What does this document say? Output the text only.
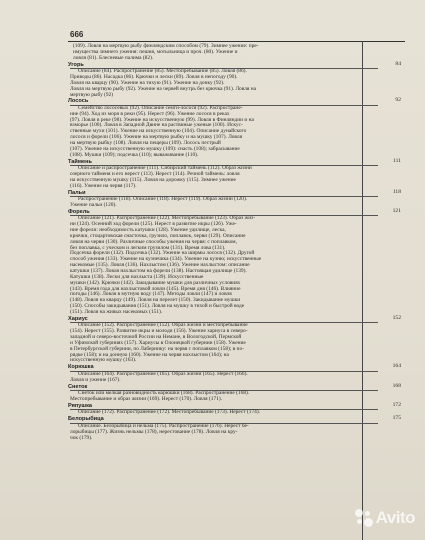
666
(109). Ловля на мертвую рыбу финляндским способом (79). Зимнее ужение: пре-
имущества зимнего ужения: пешня, мотыльница и проч. (80). Ужение и
ловля (81). Блесневые палима (82).
Угорь	84
Описание (84). Распространение (85). Местопребывание (85). Ловля (86).
Приводы (86). Насадка (86). Крючки и лески (89). Ловля в непогоду (90).
Ловля на кварцу (90). Ужение на тихую (91). Ужение на донку (92).
Ловля на мертвую рыбу (92). Ужение на червей внутрь без крючка (91). Ловля на
мертвую рыбу (92)
Лосось	92
Семейство лососевых (92). Описание семги-лосося (92). Распростране-
ние (94). Ход из моря в реки (95). Нерест (96). Ужение лосося в реках
(97). Ловля в реке (98). Ужение на искусственную (99). Ловля в Финляндии и на
взморье (100). Ловля в Западной Двине на раствиные уженые (100). Искус-
ственные мухи (101). Ужение на искусственную (104). Описание дунайского
лосося и форели (106). Ужение на мертвую рыбку и на мушку (107). Ловля
на мертвую рыбку (108). Ловля на пещеры (109). Лосось пестрый
(107). Ужение на искусственную мушку (109): снасть (108); забрасывание
(108). Мушки (109); подсечка (110); вываживание (110).
Таймень	111
Описание и распространение (111). Сибирский таймень (112). Образ жизни
озерного тайменя и его нерест (113). Нерест (114). Речной таймень: ловля
на искусственную мушку (115). Ловля на дорожку (115). Зимнее ужение
(116). Ужение на червя (117).
Пальи	118
Распространение (118). Описание (118). Нерест (119). Образ жизни (120).
Ужение пальи (120).
Форель	121
Описание (121). Распространение (122). Местопребывание (123). Образ жиз-
ни (124). Осенний ход форели (125). Нерест в развитие икры (126). Уже-
ние форели: необходимость катушки (128). Ужение удилище, леска,
крючки, стоцартовская снасточка, грузило, поплавок, черви (129). Описание
ловля на черви (130). Различные способы ужения на червя: с поплавком,
без поплавка, с уческом и легким грузилом (131). Время лова (131).
Подсечка форели (132). Подсечка (132). Ужение на ширмы лосося (132). Другой
способ ужения (133). Ужение на кузнечика (134). Ужение на кузню; искусственные
насекомые (135). Ловля (136). Нахлыстом (136). Ужение нахлыстом: описание
катушки (137). Ловля нахлыстом на форели (138). Настоящая удилище (139).
Катушки (138). Лески для нахлыста (139). Искусственные
мушки (142). Крючки (142). Закидывание мушки для различных условиях
(143). Время года для нахлыстовой ловли (145). Время дня (146). Влияние
погоды (146). Ловля в мутную воду (147). Методы ловли (147) и ловля
(148). Ловля на кварцу (149). Ловля на перелет (150). Закидывание мушки
(150). Способы закидывания (151). Ловля на мушку в тихой и быстрой воде
(151). Ловля на живых насекомых (151).
Хариус	152
Описание (152). Распространение (152). Образ жизни и местопребывание
(154). Нерест (155). Развитие икры и молоди (156). Ужение хариуса в северо-
западной и северо-восточной России на Немане, в Вологодской, Пермской
и Уфимской губерниях (157). Хариусы в Олонецкой губернии (158). Ужение
в Петербургской губернии, по Лабернику: на червя с поплавком (158); в по-
рядке (158); и на донную (160). Ужение на червя нахлыстом (164); на
искусственную мушку (163).
Корюшка	164
Описание (164). Распространение (165). Образ жизни (165). Нерест (166).
Ловля и ужение (167).
Снеток	168
Снеток или мелкая разновидность корюшки (168). Распространение (168).
Местопребывание и образ жизни (169). Нерест (170). Ловля (171).
Ряпушка	172
Описание (172). Распространение (172). Местопребывание (173). Нерест (174).
Белорыбица	175
Описание. Белорыбица и нельма (175). Распространение (176). Нерест бе-
лорыбицы (177). Жизнь нельмы (178), нерестование (178). Ловля на кру-
чок (179).
Avito
